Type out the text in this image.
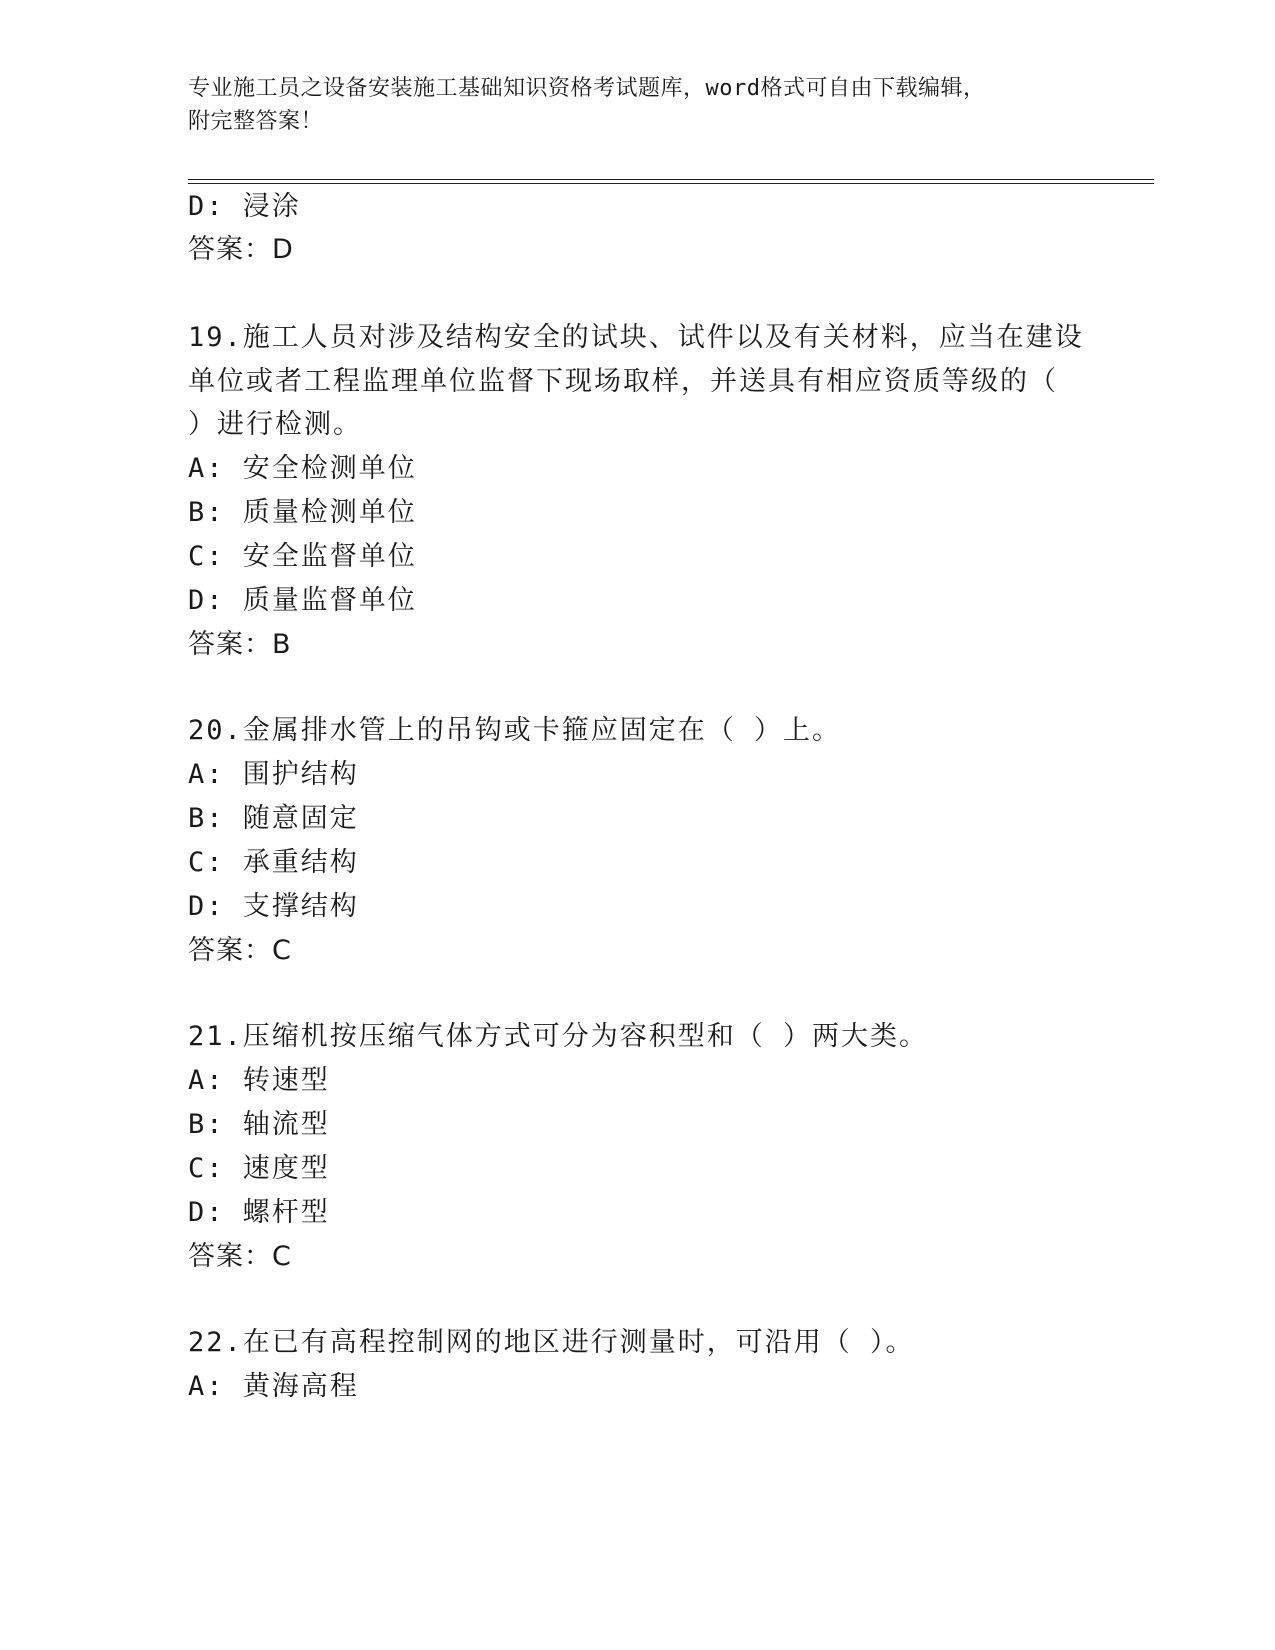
专业施工员之设备安装施工基础知识资格考试题库，word格式可自由下载编辑，
附完整答案！
D: 浸涂
答案：D
19.施工人员对涉及结构安全的试块、试件以及有关材料，应当在建设
单位或者工程监理单位监督下现场取样，并送具有相应资质等级的（
）进行检测。
A: 安全检测单位
B: 质量检测单位
C: 安全监督单位
D: 质量监督单位
答案：B
20.金属排水管上的吊钩或卡箍应固定在（ ）上。
A: 围护结构
B: 随意固定
C: 承重结构
D: 支撑结构
答案：C
21.压缩机按压缩气体方式可分为容积型和（ ）两大类。
A: 转速型
B: 轴流型
C: 速度型
D: 螺杆型
答案：C
22.在已有高程控制网的地区进行测量时，可沿用（ ）。
A: 黄海高程
